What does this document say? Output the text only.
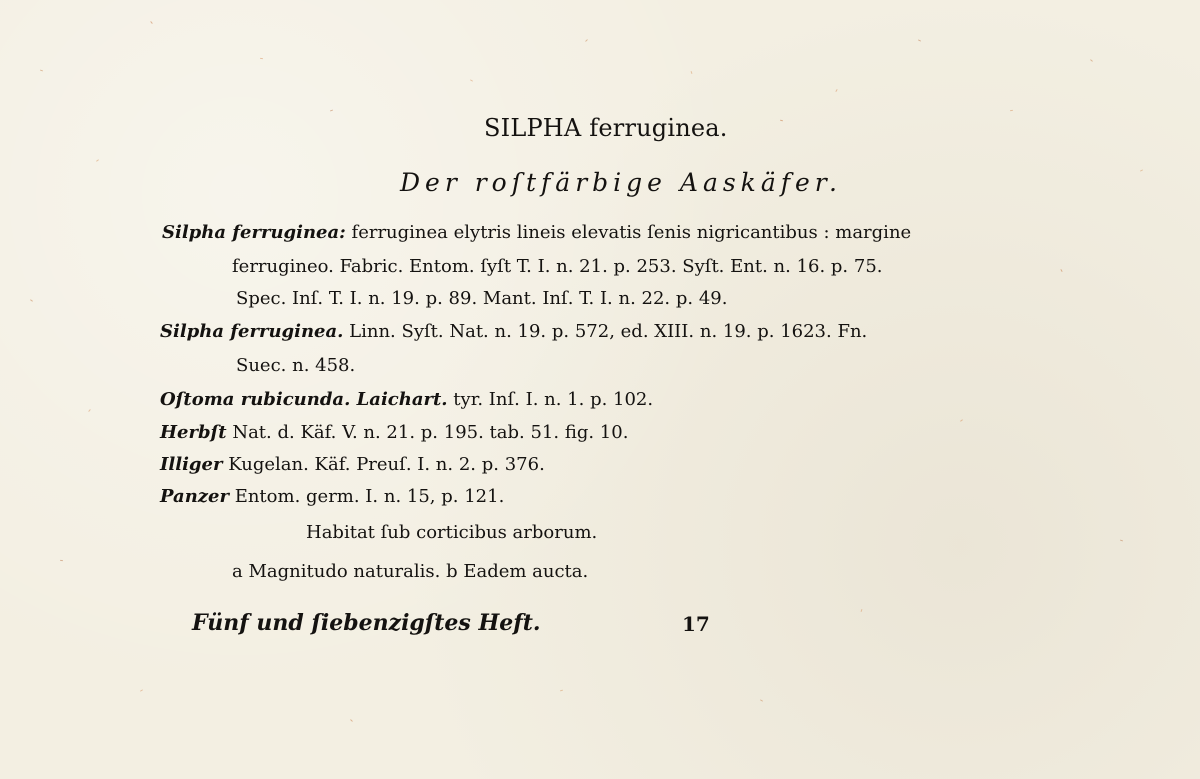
SILPHA ferruginea.
Der roſtfärbige Aaskäfer.
Silpha ferruginea: ferruginea elytris lineis elevatis ſenis nigricantibus : margine
ferrugineo. Fabric. Entom. ſyſt T. I. n. 21. p. 253. Syſt. Ent. n. 16. p. 75.
Spec. Inſ. T. I. n. 19. p. 89. Mant. Inſ. T. I. n. 22. p. 49.
Silpha ferruginea. Linn. Syſt. Nat. n. 19. p. 572, ed. XIII. n. 19. p. 1623. Fn.
Suec. n. 458.
Oſtoma rubicunda. Laichart. tyr. Inſ. I. n. 1. p. 102.
Herbſt Nat. d. Käf. V. n. 21. p. 195. tab. 51. fig. 10.
Illiger Kugelan. Käf. Preuſ. I. n. 2. p. 376.
Panzer Entom. germ. I. n. 15, p. 121.
Habitat ſub corticibus arborum.
a Magnitudo naturalis. b Eadem aucta.
Fünf und ſiebenzigſtes Heft.	17
